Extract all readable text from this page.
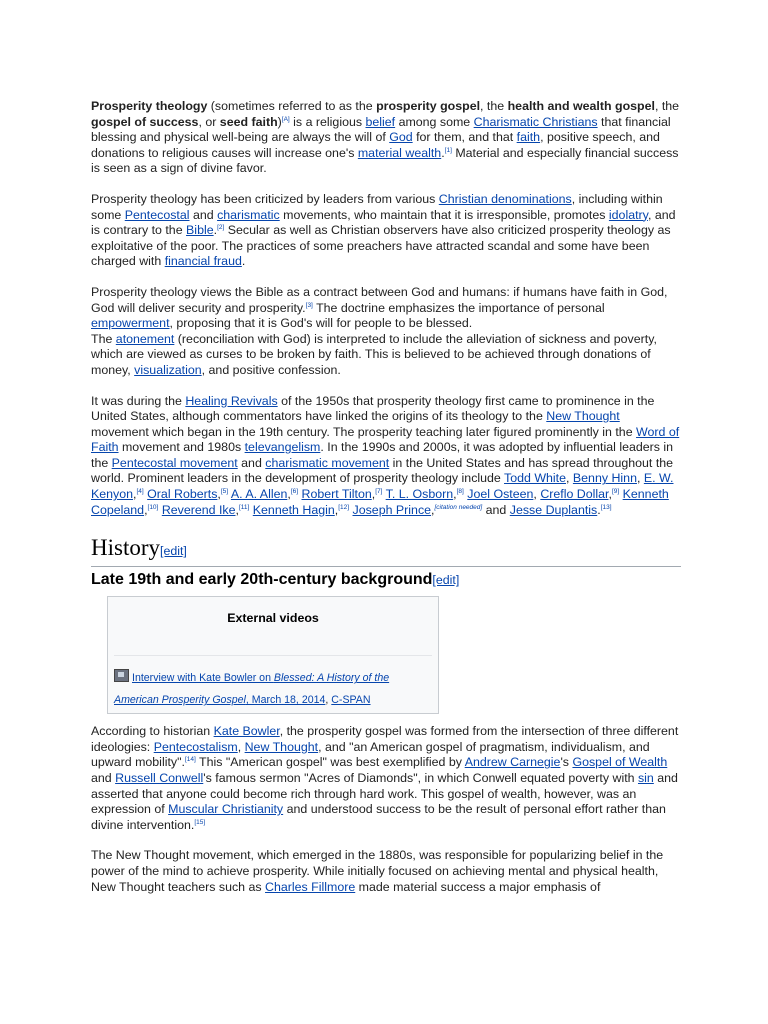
Prosperity theology (sometimes referred to as the prosperity gospel, the health and wealth gospel, the gospel of success, or seed faith)[A] is a religious belief among some Charismatic Christians that financial blessing and physical well-being are always the will of God for them, and that faith, positive speech, and donations to religious causes will increase one's material wealth.[1] Material and especially financial success is seen as a sign of divine favor.

Prosperity theology has been criticized by leaders from various Christian denominations, including within some Pentecostal and charismatic movements, who maintain that it is irresponsible, promotes idolatry, and is contrary to the Bible.[2] Secular as well as Christian observers have also criticized prosperity theology as exploitative of the poor. The practices of some preachers have attracted scandal and some have been charged with financial fraud.

Prosperity theology views the Bible as a contract between God and humans: if humans have faith in God, God will deliver security and prosperity.[3] The doctrine emphasizes the importance of personal empowerment, proposing that it is God's will for people to be blessed.
The atonement (reconciliation with God) is interpreted to include the alleviation of sickness and poverty, which are viewed as curses to be broken by faith. This is believed to be achieved through donations of money, visualization, and positive confession.

It was during the Healing Revivals of the 1950s that prosperity theology first came to prominence in the United States, although commentators have linked the origins of its theology to the New Thought movement which began in the 19th century. The prosperity teaching later figured prominently in the Word of Faith movement and 1980s televangelism. In the 1990s and 2000s, it was adopted by influential leaders in the Pentecostal movement and charismatic movement in the United States and has spread throughout the world. Prominent leaders in the development of prosperity theology include Todd White, Benny Hinn, E. W. Kenyon,[4] Oral Roberts,[5] A. A. Allen,[6] Robert Tilton,[7] T. L. Osborn,[8] Joel Osteen, Creflo Dollar,[9] Kenneth Copeland,[10] Reverend Ike,[11] Kenneth Hagin,[12] Joseph Prince,[citation needed] and Jesse Duplantis.[13]

History[edit]
Late 19th and early 20th-century background[edit]
External videos
Interview with Kate Bowler on Blessed: A History of the American Prosperity Gospel, March 18, 2014, C-SPAN

According to historian Kate Bowler, the prosperity gospel was formed from the intersection of three different ideologies: Pentecostalism, New Thought, and "an American gospel of pragmatism, individualism, and upward mobility".[14] This "American gospel" was best exemplified by Andrew Carnegie's Gospel of Wealth and Russell Conwell's famous sermon "Acres of Diamonds", in which Conwell equated poverty with sin and asserted that anyone could become rich through hard work. This gospel of wealth, however, was an expression of Muscular Christianity and understood success to be the result of personal effort rather than divine intervention.[15]

The New Thought movement, which emerged in the 1880s, was responsible for popularizing belief in the power of the mind to achieve prosperity. While initially focused on achieving mental and physical health, New Thought teachers such as Charles Fillmore made material success a major emphasis of
